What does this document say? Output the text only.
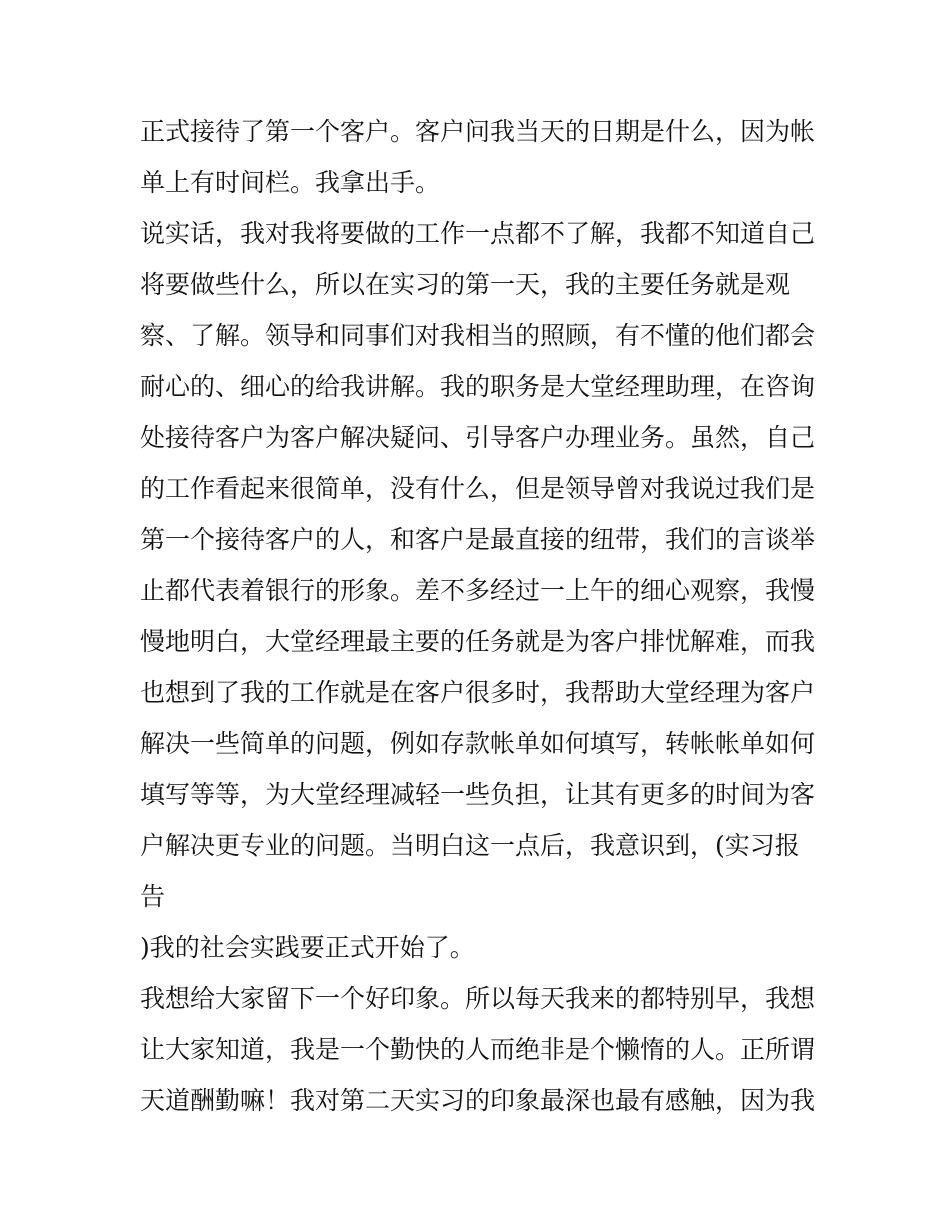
正式接待了第一个客户。客户问我当天的日期是什么，因为帐
单上有时间栏。我拿出手。
说实话，我对我将要做的工作一点都不了解，我都不知道自己
将要做些什么，所以在实习的第一天，我的主要任务就是观
察、了解。领导和同事们对我相当的照顾，有不懂的他们都会
耐心的、细心的给我讲解。我的职务是大堂经理助理，在咨询
处接待客户为客户解决疑问、引导客户办理业务。虽然，自己
的工作看起来很简单，没有什么，但是领导曾对我说过我们是
第一个接待客户的人，和客户是最直接的纽带，我们的言谈举
止都代表着银行的形象。差不多经过一上午的细心观察，我慢
慢地明白，大堂经理最主要的任务就是为客户排忧解难，而我
也想到了我的工作就是在客户很多时，我帮助大堂经理为客户
解决一些简单的问题，例如存款帐单如何填写，转帐帐单如何
填写等等，为大堂经理减轻一些负担，让其有更多的时间为客
户解决更专业的问题。当明白这一点后，我意识到，(实习报
告
)我的社会实践要正式开始了。
我想给大家留下一个好印象。所以每天我来的都特别早，我想
让大家知道，我是一个勤快的人而绝非是个懒惰的人。正所谓
天道酬勤嘛！我对第二天实习的印象最深也最有感触，因为我
